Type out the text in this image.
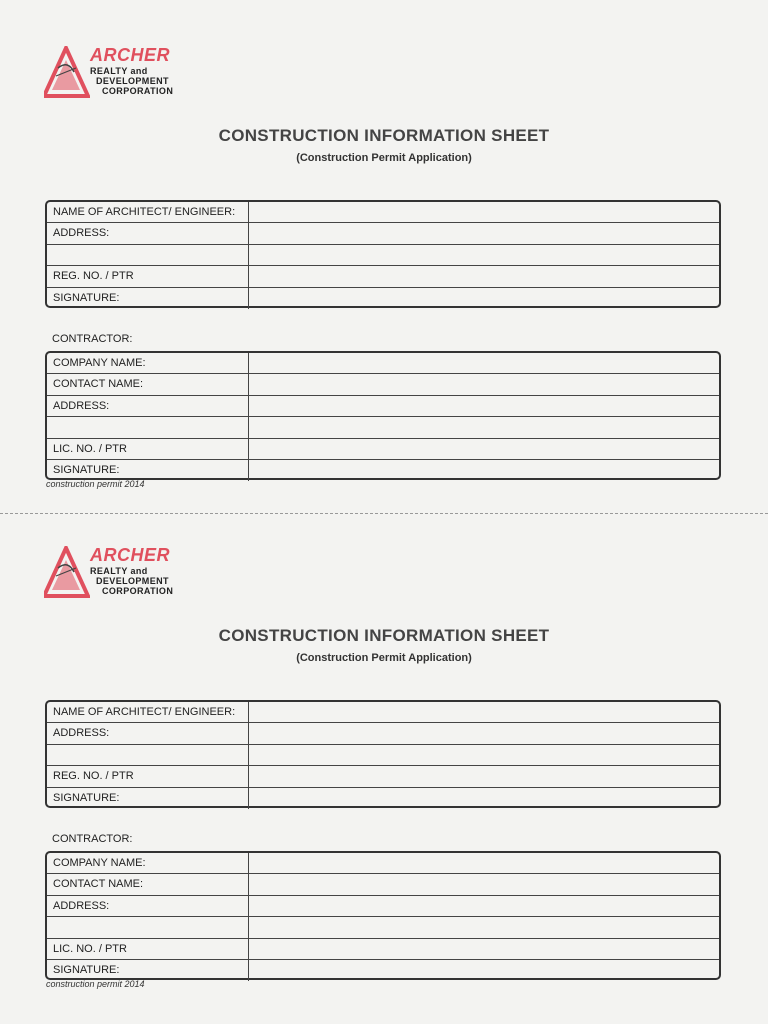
ARCHER
REALTY and
DEVELOPMENT
CORPORATION
CONSTRUCTION INFORMATION SHEET
(Construction Permit Application)
NAME OF ARCHITECT/ ENGINEER:
ADDRESS:
REG. NO. / PTR
SIGNATURE:
CONTRACTOR:
COMPANY NAME:
CONTACT NAME:
ADDRESS:
LIC. NO. / PTR
SIGNATURE:
construction permit 2014
ARCHER
REALTY and
DEVELOPMENT
CORPORATION
CONSTRUCTION INFORMATION SHEET
(Construction Permit Application)
NAME OF ARCHITECT/ ENGINEER:
ADDRESS:
REG. NO. / PTR
SIGNATURE:
CONTRACTOR:
COMPANY NAME:
CONTACT NAME:
ADDRESS:
LIC. NO. / PTR
SIGNATURE:
construction permit 2014
